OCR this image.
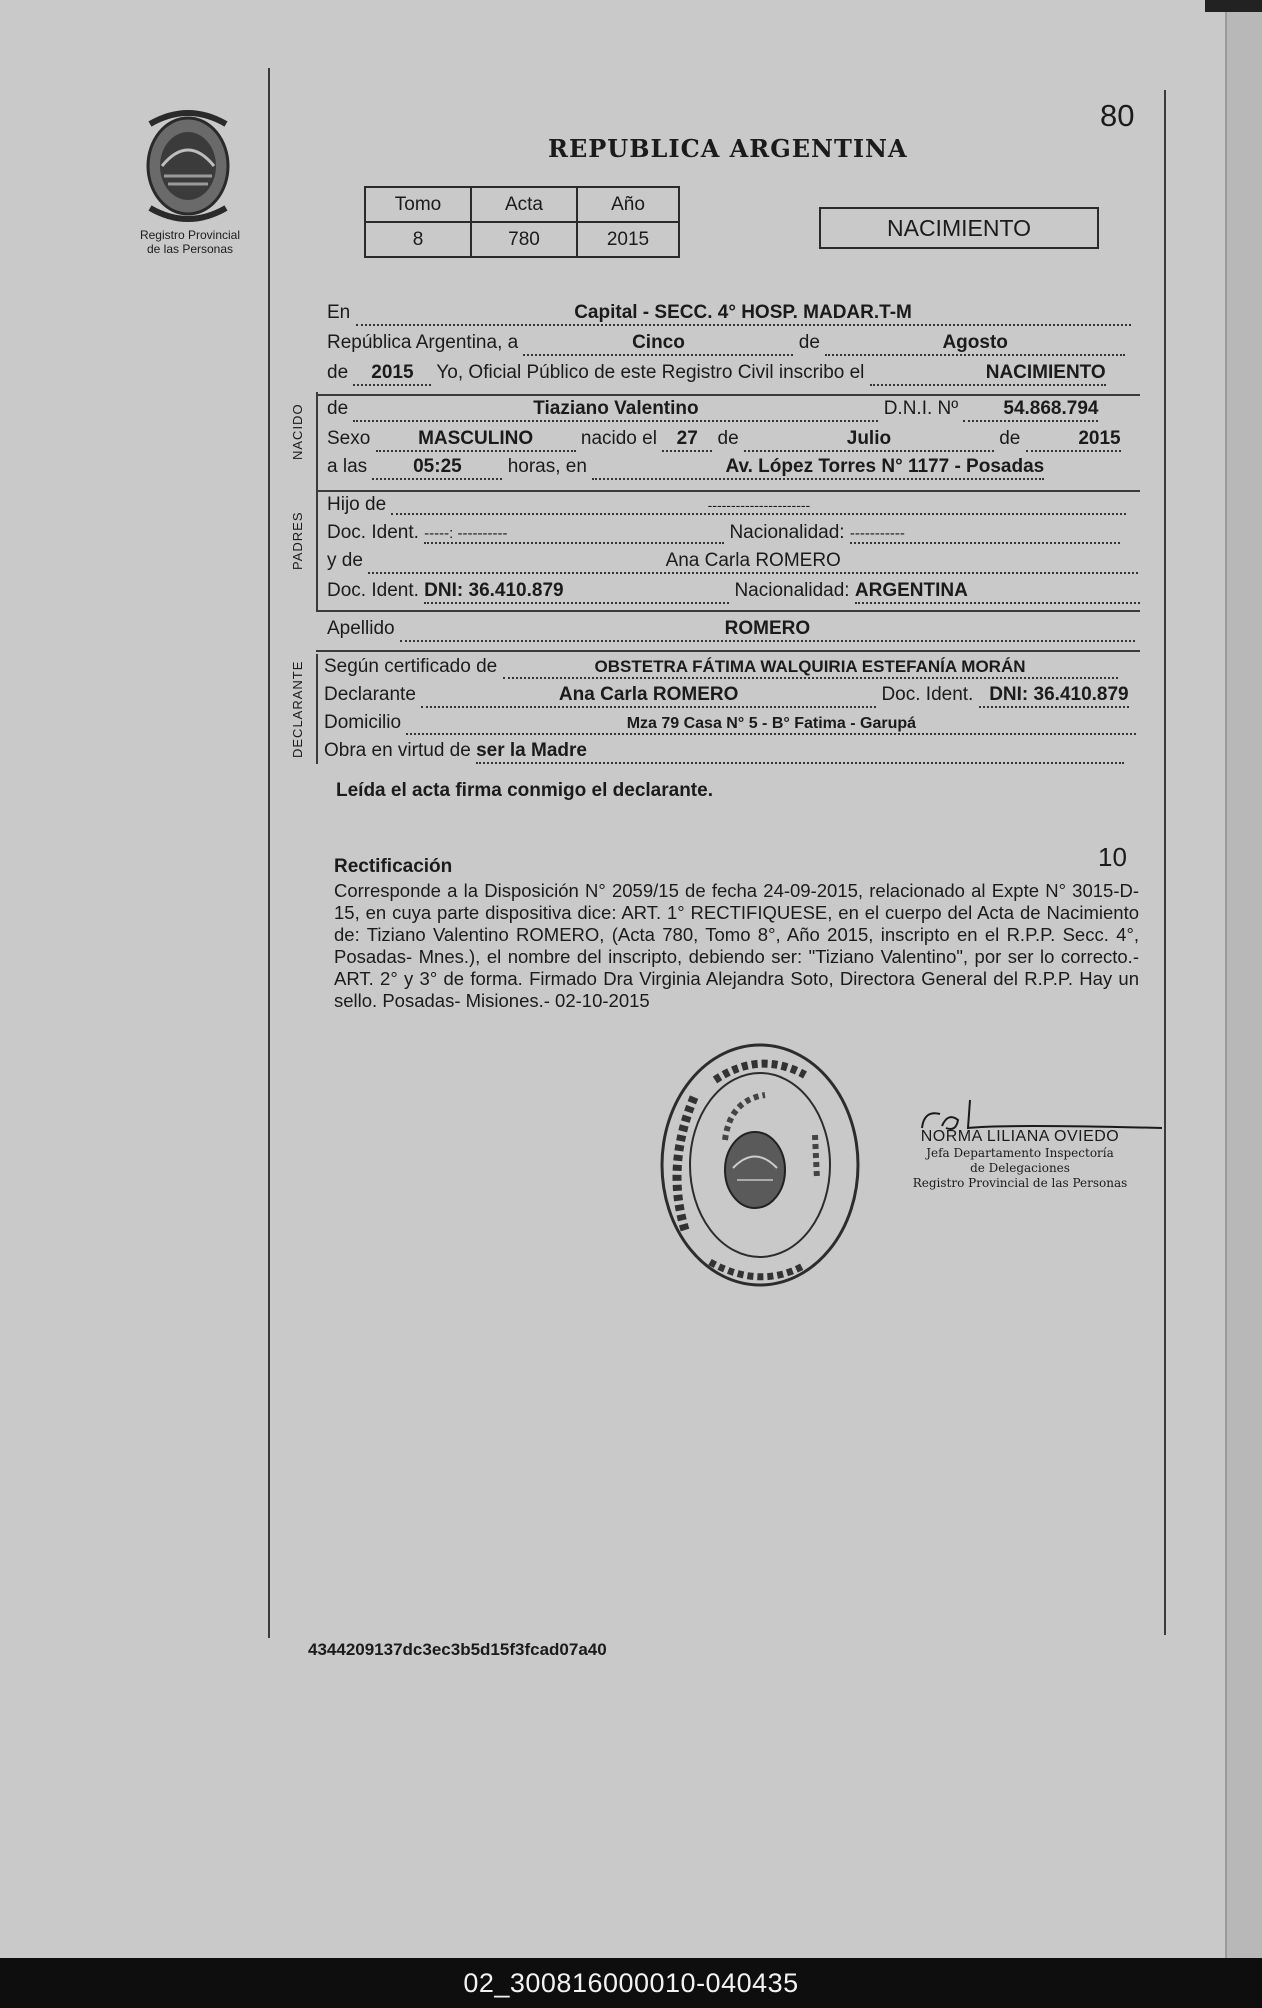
Registro Provincial
de las Personas
80
REPUBLICA ARGENTINA
Tomo	Acta	Año
8	780	2015	NACIMIENTO
En	Capital - SECC. 4° HOSP. MADAR.T-M
República Argentina, a	Cinco	de	Agosto
de 2015 Yo, Oficial Público de este Registro Civil inscribo el	NACIMIENTO
NACIDO de	Tiaziano Valentino	D.N.I. Nº 54.868.794
Sexo	MASCULINO	nacido el 27 de	Julio	de	2015
a las 05:25 horas, en	Av. López Torres N° 1177 - Posadas
PADRES
Hijo de	----------------------
Doc. Ident. -----: ----------	Nacionalidad: -----------
y de	Ana Carla ROMERO
Doc. Ident. DNI: 36.410.879	Nacionalidad: ARGENTINA
Apellido	ROMERO
DECLARANTE Según certificado de	OBSTETRA FÁTIMA WALQUIRIA ESTEFANÍA MORÁN
Declarante	Ana Carla ROMERO	Doc. Ident. DNI: 36.410.879
Domicilio	Mza 79 Casa N° 5 - B° Fatima - Garupá
Obra en virtud de ser la Madre
Leída el acta firma conmigo el declarante.
Rectificación	10
Corresponde a la Disposición N° 2059/15 de fecha 24-09-2015, relacionado al Expte N° 3015-D-15, en cuya parte dispositiva dice: ART. 1° RECTIFIQUESE, en el cuerpo del Acta de Nacimiento de: Tiziano Valentino ROMERO, (Acta 780, Tomo 8°, Año 2015, inscripto en el R.P.P. Secc. 4°, Posadas- Mnes.), el nombre del inscripto, debiendo ser: "Tiziano Valentino", por ser lo correcto.- ART. 2° y 3° de forma. Firmado Dra Virginia Alejandra Soto, Directora General del R.P.P. Hay un sello. Posadas- Misiones.- 02-10-2015
NORMA LILIANA OVIEDO
Jefa Departamento Inspectoría
de Delegaciones
Registro Provincial de las Personas
4344209137dc3ec3b5d15f3fcad07a40
02_300816000010-040435
